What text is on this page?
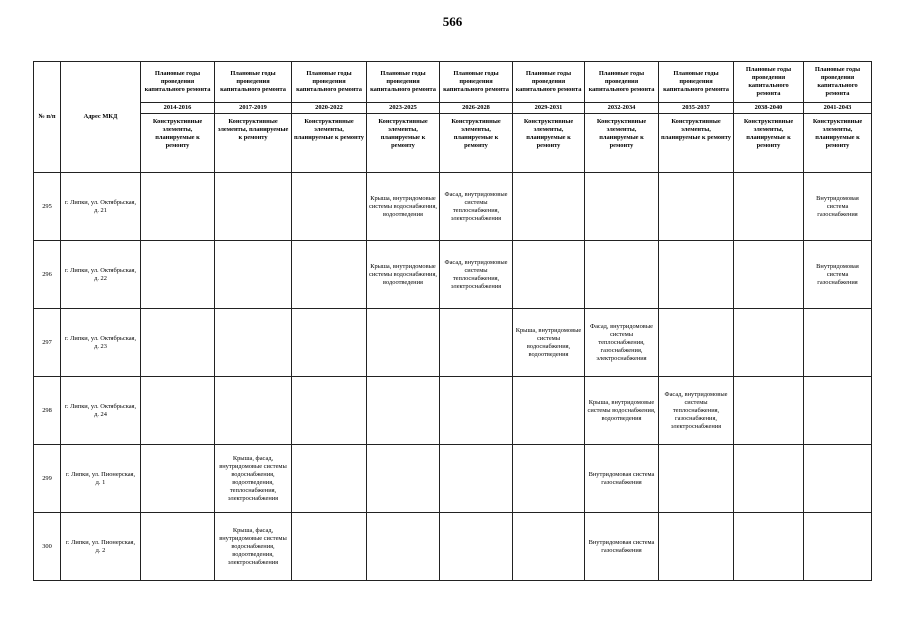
566
№ п/п	Адрес МКД	Плановые годы проведения капитального ремонта	Плановые годы проведения капитального ремонта	Плановые годы проведения капитального ремонта	Плановые годы проведения капитального ремонта	Плановые годы проведения капитального ремонта	Плановые годы проведения капитального ремонта	Плановые годы проведения капитального ремонта	Плановые годы проведения капитального ремонта	Плановые годы проведения капитального ремонта	Плановые годы проведения капитального ремонта
		2014-2016	2017-2019	2020-2022	2023-2025	2026-2028	2029-2031	2032-2034	2035-2037	2038-2040	2041-2043
		Конструктивные элементы, планируемые к ремонту	Конструктивные элементы, планируемые к ремонту	Конструктивные элементы, планируемые к ремонту	Конструктивные элементы, планируемые к ремонту	Конструктивные элементы, планируемые к ремонту	Конструктивные элементы, планируемые к ремонту	Конструктивные элементы, планируемые к ремонту	Конструктивные элементы, планируемые к ремонту	Конструктивные элементы, планируемые к ремонту	Конструктивные элементы, планируемые к ремонту
295	г. Липки, ул. Октябрьская, д. 21				Крыша, внутридомовые системы водоснабжения, водоотведения	Фасад, внутридомовые системы теплоснабжения, электроснабжения					Внутридомовая система газоснабжения
296	г. Липки, ул. Октябрьская, д. 22				Крыша, внутридомовые системы водоснабжения, водоотведения	Фасад, внутридомовые системы теплоснабжения, электроснабжения					Внутридомовая система газоснабжения
297	г. Липки, ул. Октябрьская, д. 23						Крыша, внутридомовые системы водоснабжения, водоотведения	Фасад, внутридомовые системы теплоснабжения, газоснабжения, электроснабжения			
298	г. Липки, ул. Октябрьская, д. 24							Крыша, внутридомовые системы водоснабжения, водоотведения	Фасад, внутридомовые системы теплоснабжения, газоснабжения, электроснабжения		
299	г. Липки, ул. Пионерская, д. 1		Крыша, фасад, внутридомовые системы водоснабжения, водоотведения, теплоснабжения, электроснабжения					Внутридомовая система газоснабжения			
300	г. Липки, ул. Пионерская, д. 2		Крыша, фасад, внутридомовые системы водоснабжения, водоотведения, электроснабжения					Внутридомовая система газоснабжения			
